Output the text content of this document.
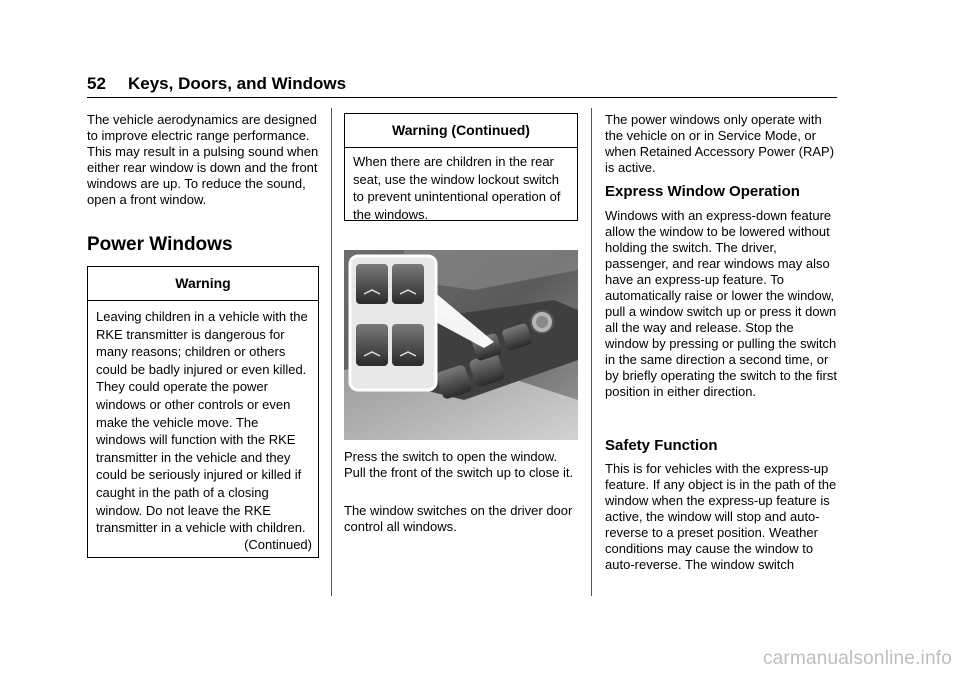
52 Keys, Doors, and Windows

The vehicle aerodynamics are designed to improve electric range performance. This may result in a pulsing sound when either rear window is down and the front windows are up. To reduce the sound, open a front window.

Power Windows
Warning

Leaving children in a vehicle with the RKE transmitter is dangerous for many reasons; children or others could be badly injured or even killed. They could operate the power windows or other controls or even make the vehicle move. The windows will function with the RKE transmitter in the vehicle and they could be seriously injured or killed if caught in the path of a closing window. Do not leave the RKE transmitter in a vehicle with children.

(Continued)
Warning (Continued)

When there are children in the rear seat, use the window lockout switch to prevent unintentional operation of the windows.

Press the switch to open the window. Pull the front of the switch up to close it.

The window switches on the driver door control all windows.

The power windows only operate with the vehicle on or in Service Mode, or when Retained Accessory Power (RAP) is active.

Express Window Operation

Windows with an express-down feature allow the window to be lowered without holding the switch. The driver, passenger, and rear windows may also have an express-up feature. To automatically raise or lower the window, pull a window switch up or press it down all the way and release. Stop the window by pressing or pulling the switch in the same direction a second time, or by briefly operating the switch to the first position in either direction.

Safety Function

This is for vehicles with the express-up feature. If any object is in the path of the window when the express-up feature is active, the window will stop and auto-reverse to a preset position. Weather conditions may cause the window to auto-reverse. The window switch

carmanualsonline.info
